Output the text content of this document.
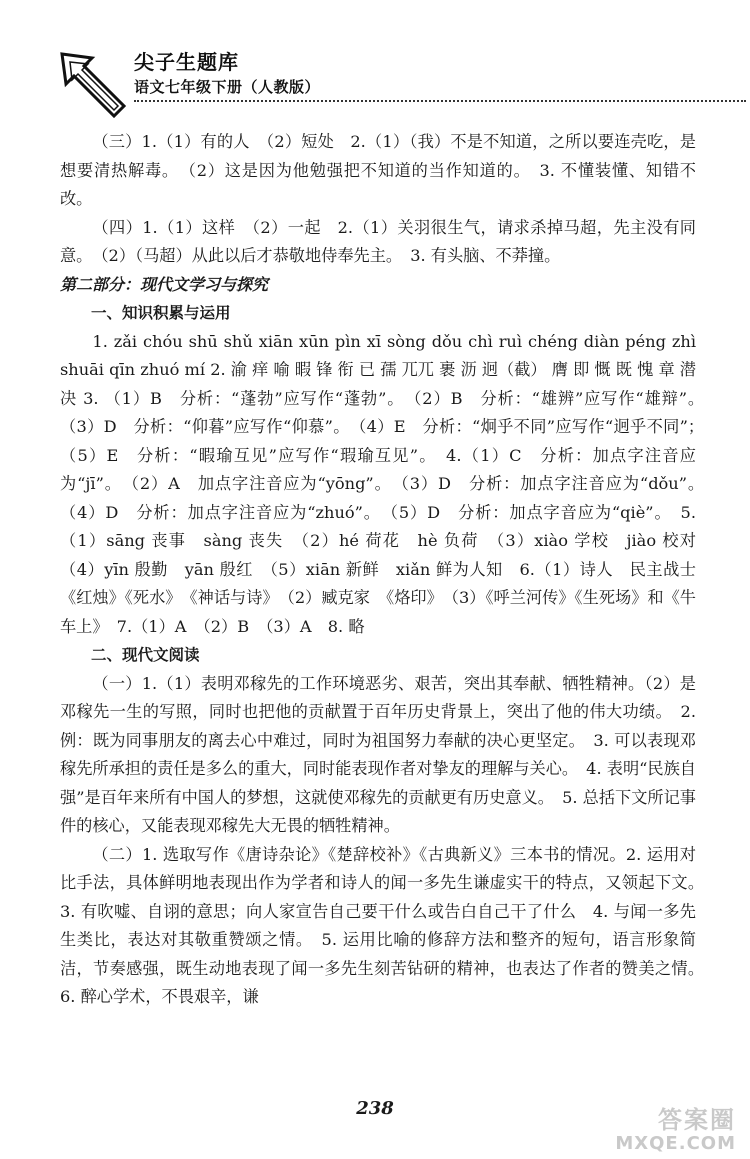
尖子生题库
语文七年级下册（人教版）

（三）1.（1）有的人　（2）短处　2.（1）（我）不是不知道，之所以要连壳吃，是想要清热解毒。　（2）这是因为他勉强把不知道的当作知道的。　3. 不懂装懂、知错不改。

（四）1.（1）这样　（2）一起　2.（1）关羽很生气，请求杀掉马超，先主没有同意。　（2）（马超）从此以后才恭敬地侍奉先主。　3. 有头脑、不莽撞。

第二部分：现代文学习与探究

一、知识积累与运用

1. zǎi chóu shū shǔ xiān xūn pìn xī sòng dǒu chì ruì chéng diàn péng zhì shuāi qīn zhuó mí 2. 渝 痒 喻 暇 锋 衔 已 孺 兀兀 裹 沥 迥（截） 膺 即 慨 既 愧 章 潜 决 3. （1）B　分析：“蓬勃”应写作“蓬勃”。　（2）B　分析：“雄辨”应写作“雄辩”。　（3）D　分析：“仰暮”应写作“仰慕”。　（4）E　分析：“炯乎不同”应写作“迥乎不同”；　（5）E　分析：“暇瑜互见”应写作“瑕瑜互见”。　4.（1）C　分析：加点字注音应为“jī”。　（2）A　加点字注音应为“yōng”。　（3）D　分析：加点字注音应为“dǒu”。　（4）D　分析：加点字注音应为“zhuó”。　（5）D　分析：加点字音应为“qiè”。　5.（1）sāng 丧事　sàng 丧失　（2）hé 荷花　hè 负荷　（3）xiào 学校　jiào 校对　（4）yīn 殷勤　yān 殷红　（5）xiān 新鲜　xiǎn 鲜为人知　6.（1）诗人　民主战士《红烛》《死水》　《神话与诗》　（2）臧克家　《烙印》　（3）《呼兰河传》《生死场》和《牛车上》　7.（1）A　（2）B　（3）A　8. 略

二、现代文阅读

（一）1.（1）表明邓稼先的工作环境恶劣、艰苦，突出其奉献、牺牲精神。（2）是邓稼先一生的写照，同时也把他的贡献置于百年历史背景上，突出了他的伟大功绩。　2. 例：既为同事朋友的离去心中难过，同时为祖国努力奉献的决心更坚定。　3. 可以表现邓稼先所承担的责任是多么的重大，同时能表现作者对挚友的理解与关心。　4. 表明“民族自强”是百年来所有中国人的梦想，这就使邓稼先的贡献更有历史意义。　5. 总括下文所记事件的核心，又能表现邓稼先大无畏的牺牲精神。

（二）1. 选取写作《唐诗杂论》《楚辞校补》《古典新义》三本书的情况。2. 运用对比手法，具体鲜明地表现出作为学者和诗人的闻一多先生谦虚实干的特点，又领起下文。　3. 有吹嘘、自诩的意思；向人家宣告自己要干什么或告白自己干了什么　4. 与闻一多先生类比，表达对其敬重赞颂之情。　5. 运用比喻的修辞方法和整齐的短句，语言形象简洁，节奏感强，既生动地表现了闻一多先生刻苦钻研的精神，也表达了作者的赞美之情。　6. 醉心学术，不畏艰辛，谦

238	答案圈
MXQE.COM
